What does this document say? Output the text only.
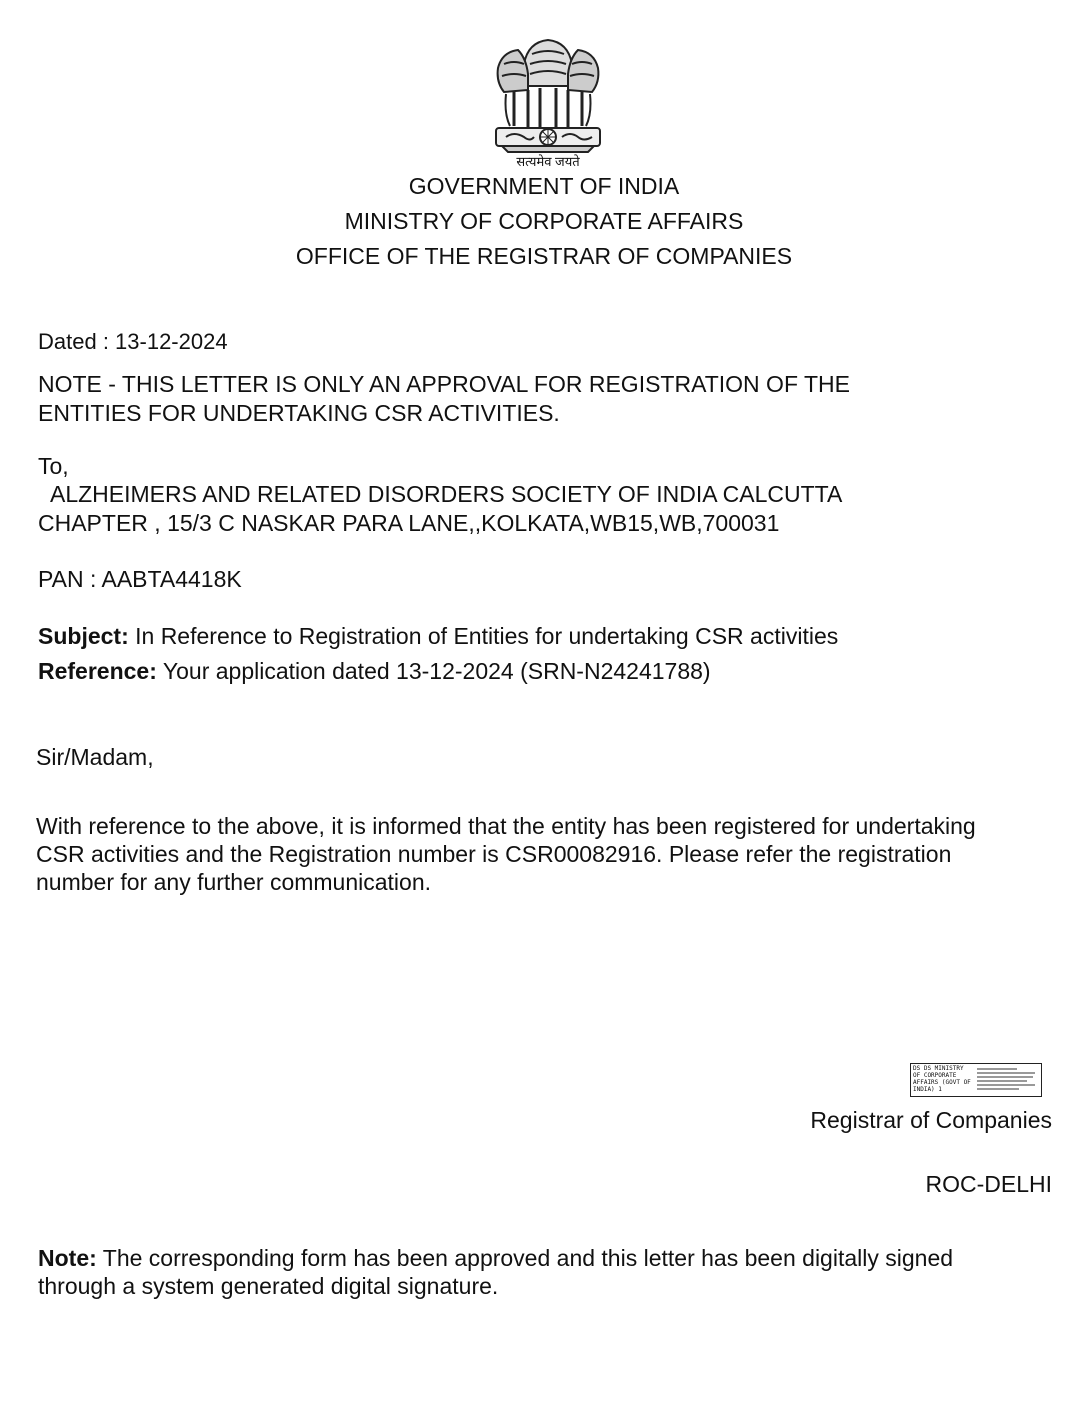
सत्यमेव जयते
GOVERNMENT OF INDIA
MINISTRY OF CORPORATE AFFAIRS
OFFICE OF THE REGISTRAR OF COMPANIES
Dated : 13-12-2024
NOTE - THIS LETTER IS ONLY AN APPROVAL FOR REGISTRATION OF THE
ENTITIES FOR UNDERTAKING CSR ACTIVITIES.
To,
ALZHEIMERS AND RELATED DISORDERS SOCIETY OF INDIA CALCUTTA
CHAPTER , 15/3 C NASKAR PARA LANE,,KOLKATA,WB15,WB,700031
PAN : AABTA4418K
Subject: In Reference to Registration of Entities for undertaking CSR activities
Reference: Your application dated 13-12-2024 (SRN-N24241788)
Sir/Madam,
With reference to the above, it is informed that the entity has been registered for undertaking
CSR activities and the Registration number is CSR00082916. Please refer the registration
number for any further communication.
DS DS MINISTRY
OF CORPORATE
AFFAIRS (GOVT OF
INDIA) 1
Registrar of Companies
ROC-DELHI
Note: The corresponding form has been approved and this letter has been digitally signed
through a system generated digital signature.
